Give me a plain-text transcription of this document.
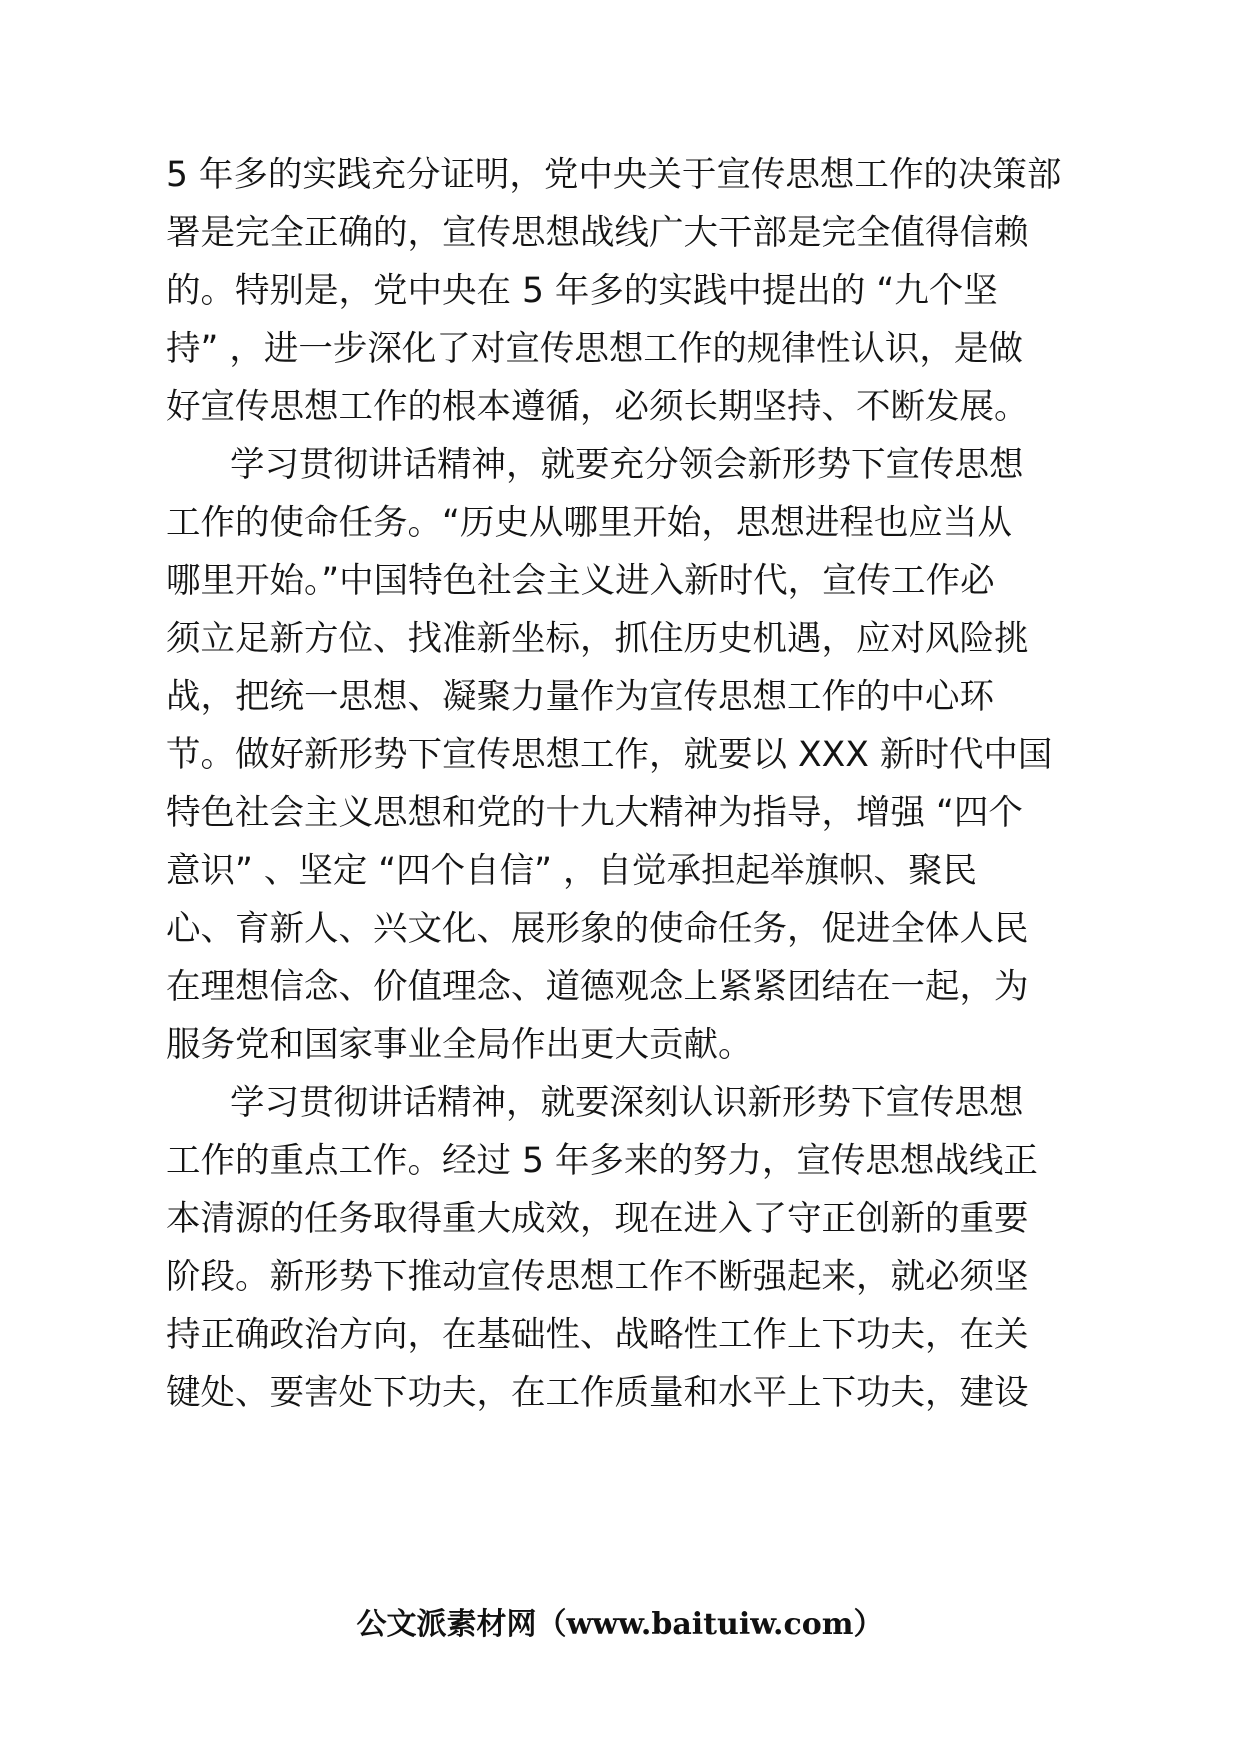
5 年多的实践充分证明，党中央关于宣传思想工作的决策部

署是完全正确的，宣传思想战线广大干部是完全值得信赖

的。特别是，党中央在 5 年多的实践中提出的 “九个坚

持” ，进一步深化了对宣传思想工作的规律性认识，是做

好宣传思想工作的根本遵循，必须长期坚持、不断发展。

学习贯彻讲话精神，就要充分领会新形势下宣传思想

工作的使命任务。“历史从哪里开始，思想进程也应当从

哪里开始。”中国特色社会主义进入新时代，宣传工作必

须立足新方位、找准新坐标，抓住历史机遇，应对风险挑

战，把统一思想、凝聚力量作为宣传思想工作的中心环

节。做好新形势下宣传思想工作，就要以 XXX 新时代中国

特色社会主义思想和党的十九大精神为指导，增强 “四个

意识” 、坚定 “四个自信” ，自觉承担起举旗帜、聚民

心、育新人、兴文化、展形象的使命任务，促进全体人民

在理想信念、价值理念、道德观念上紧紧团结在一起，为

服务党和国家事业全局作出更大贡献。

学习贯彻讲话精神，就要深刻认识新形势下宣传思想

工作的重点工作。经过 5 年多来的努力，宣传思想战线正

本清源的任务取得重大成效，现在进入了守正创新的重要

阶段。新形势下推动宣传思想工作不断强起来，就必须坚

持正确政治方向，在基础性、战略性工作上下功夫，在关

键处、要害处下功夫，在工作质量和水平上下功夫，建设

公文派素材网（www.baituiw.com）
